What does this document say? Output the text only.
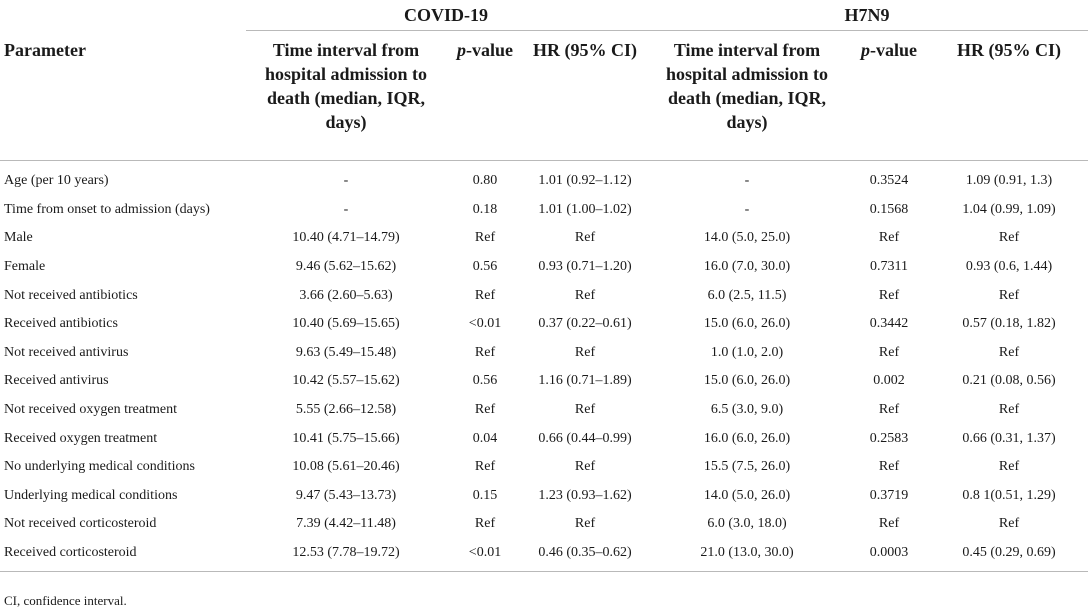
	COVID-19			H7N9		
Parameter	Time interval from hospital admission to death (median, IQR, days)	p-value	HR (95% CI)	Time interval from hospital admission to death (median, IQR, days)	p-value	HR (95% CI)
Age (per 10 years)	-	0.80	1.01 (0.92–1.12)	-	0.3524	1.09 (0.91, 1.3)
Time from onset to admission (days)	-	0.18	1.01 (1.00–1.02)	-	0.1568	1.04 (0.99, 1.09)
Male	10.40 (4.71–14.79)	Ref	Ref	14.0 (5.0, 25.0)	Ref	Ref
Female	9.46 (5.62–15.62)	0.56	0.93 (0.71–1.20)	16.0 (7.0, 30.0)	0.7311	0.93 (0.6, 1.44)
Not received antibiotics	3.66 (2.60–5.63)	Ref	Ref	6.0 (2.5, 11.5)	Ref	Ref
Received antibiotics	10.40 (5.69–15.65)	<0.01	0.37 (0.22–0.61)	15.0 (6.0, 26.0)	0.3442	0.57 (0.18, 1.82)
Not received antivirus	9.63 (5.49–15.48)	Ref	Ref	1.0 (1.0, 2.0)	Ref	Ref
Received antivirus	10.42 (5.57–15.62)	0.56	1.16 (0.71–1.89)	15.0 (6.0, 26.0)	0.002	0.21 (0.08, 0.56)
Not received oxygen treatment	5.55 (2.66–12.58)	Ref	Ref	6.5 (3.0, 9.0)	Ref	Ref
Received oxygen treatment	10.41 (5.75–15.66)	0.04	0.66 (0.44–0.99)	16.0 (6.0, 26.0)	0.2583	0.66 (0.31, 1.37)
No underlying medical conditions	10.08 (5.61–20.46)	Ref	Ref	15.5 (7.5, 26.0)	Ref	Ref
Underlying medical conditions	9.47 (5.43–13.73)	0.15	1.23 (0.93–1.62)	14.0 (5.0, 26.0)	0.3719	0.8 1(0.51, 1.29)
Not received corticosteroid	7.39 (4.42–11.48)	Ref	Ref	6.0 (3.0, 18.0)	Ref	Ref
Received corticosteroid	12.53 (7.78–19.72)	<0.01	0.46 (0.35–0.62)	21.0 (13.0, 30.0)	0.0003	0.45 (0.29, 0.69)
CI, confidence interval.
